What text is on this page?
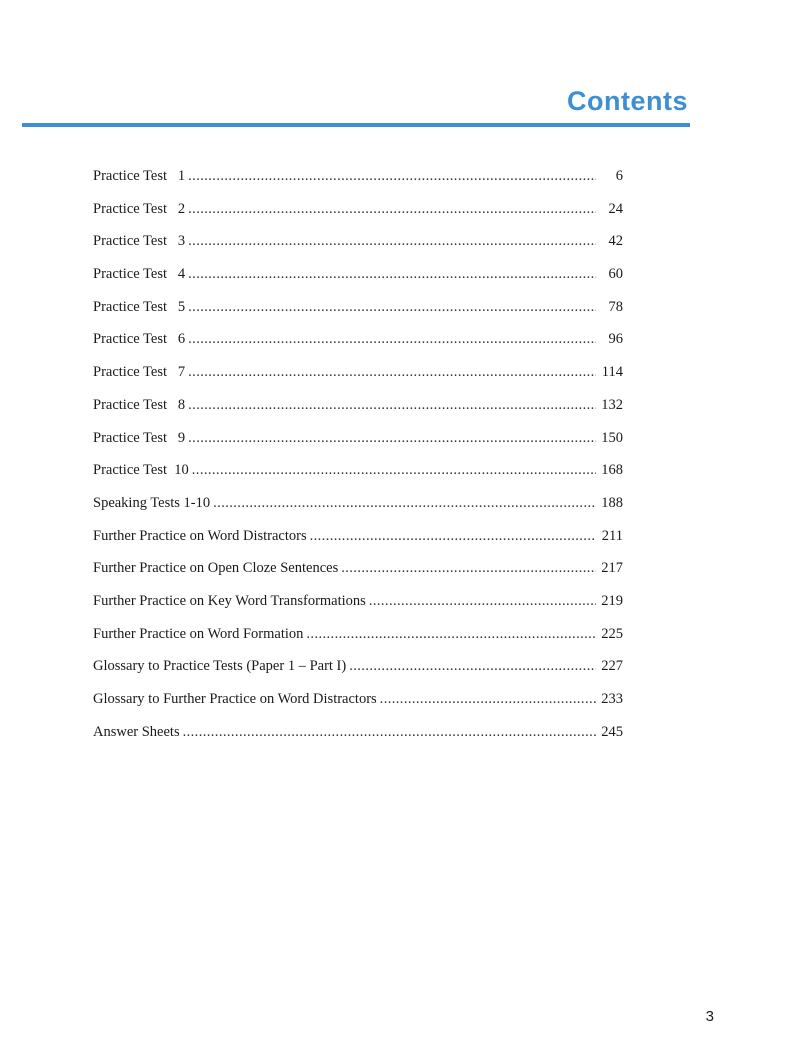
Contents
Practice Test   1 .....	6
Practice Test   2 .....	24
Practice Test   3 .....	42
Practice Test   4 .....	60
Practice Test   5 .....	78
Practice Test   6 .....	96
Practice Test   7 .....	114
Practice Test   8 .....	132
Practice Test   9 .....	150
Practice Test  10 .....	168
Speaking Tests 1-10 .....	188
Further Practice on Word Distractors .....	211
Further Practice on Open Cloze Sentences .....	217
Further Practice on Key Word Transformations .....	219
Further Practice on Word Formation .....	225
Glossary to Practice Tests (Paper 1 – Part I) .....	227
Glossary to Further Practice on Word Distractors .....	233
Answer Sheets .....	245
3
